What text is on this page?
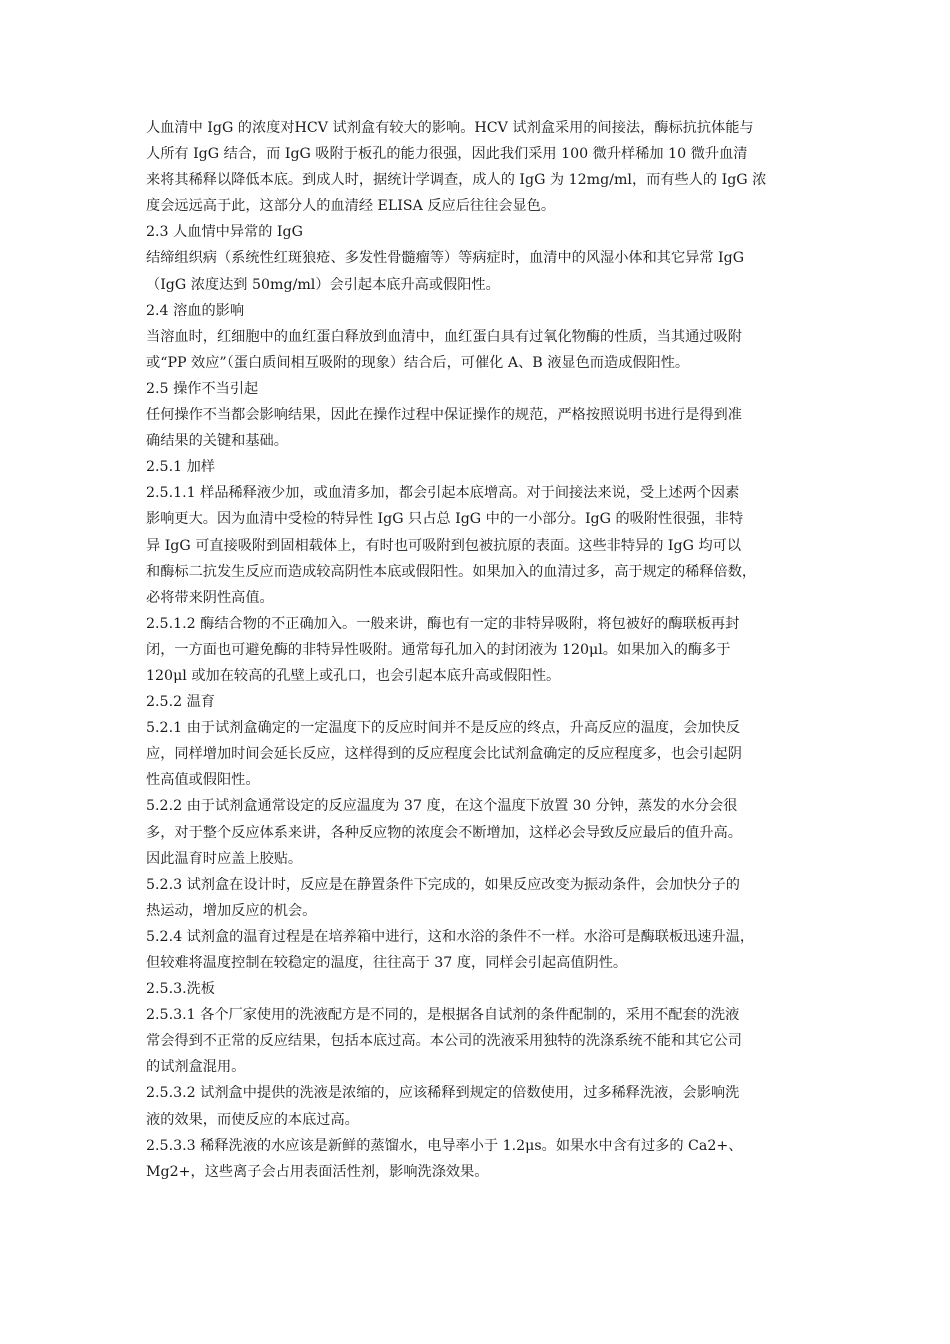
人血清中 IgG 的浓度对HCV 试剂盒有较大的影响。HCV 试剂盒采用的间接法，酶标抗抗体能与
人所有 IgG 结合，而 IgG 吸附于板孔的能力很强，因此我们采用 100 微升样稀加 10 微升血清
来将其稀释以降低本底。到成人时，据统计学调查，成人的 IgG 为 12mg/ml，而有些人的 IgG 浓
度会远远高于此，这部分人的血清经 ELISA 反应后往往会显色。
2.3 人血情中异常的 IgG
结缔组织病（系统性红斑狼疮、多发性骨髓瘤等）等病症时，血清中的风湿小体和其它异常 IgG
（IgG 浓度达到 50mg/ml）会引起本底升高或假阳性。
2.4 溶血的影响
当溶血时，红细胞中的血红蛋白释放到血清中，血红蛋白具有过氧化物酶的性质，当其通过吸附
或“PP 效应”（蛋白质间相互吸附的现象）结合后，可催化 A、B 液显色而造成假阳性。
2.5 操作不当引起
任何操作不当都会影响结果，因此在操作过程中保证操作的规范，严格按照说明书进行是得到准
确结果的关键和基础。
2.5.1 加样
2.5.1.1 样品稀释液少加，或血清多加，都会引起本底增高。对于间接法来说，受上述两个因素
影响更大。因为血清中受检的特异性 IgG 只占总 IgG 中的一小部分。IgG 的吸附性很强，非特
异 IgG 可直接吸附到固相载体上，有时也可吸附到包被抗原的表面。这些非特异的 IgG 均可以
和酶标二抗发生反应而造成较高阴性本底或假阳性。如果加入的血清过多，高于规定的稀释倍数，
必将带来阴性高值。
2.5.1.2 酶结合物的不正确加入。一般来讲，酶也有一定的非特异吸附，将包被好的酶联板再封
闭，一方面也可避免酶的非特异性吸附。通常每孔加入的封闭液为 120μl。如果加入的酶多于
120μl 或加在较高的孔壁上或孔口，也会引起本底升高或假阳性。
2.5.2 温育
5.2.1 由于试剂盒确定的一定温度下的反应时间并不是反应的终点，升高反应的温度，会加快反
应，同样增加时间会延长反应，这样得到的反应程度会比试剂盒确定的反应程度多，也会引起阴
性高值或假阳性。
5.2.2 由于试剂盒通常设定的反应温度为 37 度，在这个温度下放置 30 分钟，蒸发的水分会很
多，对于整个反应体系来讲，各种反应物的浓度会不断增加，这样必会导致反应最后的值升高。
因此温育时应盖上胶贴。
5.2.3 试剂盒在设计时，反应是在静置条件下完成的，如果反应改变为振动条件，会加快分子的
热运动，增加反应的机会。
5.2.4 试剂盒的温育过程是在培养箱中进行，这和水浴的条件不一样。水浴可是酶联板迅速升温，
但较难将温度控制在较稳定的温度，往往高于 37 度，同样会引起高值阴性。
2.5.3.洗板
2.5.3.1 各个厂家使用的洗液配方是不同的，是根据各自试剂的条件配制的，采用不配套的洗液
常会得到不正常的反应结果，包括本底过高。本公司的洗液采用独特的洗涤系统不能和其它公司
的试剂盒混用。
2.5.3.2 试剂盒中提供的洗液是浓缩的，应该稀释到规定的倍数使用，过多稀释洗液，会影响洗
液的效果，而使反应的本底过高。
2.5.3.3 稀释洗液的水应该是新鲜的蒸馏水，电导率小于 1.2μs。如果水中含有过多的 Ca2+、
Mg2+，这些离子会占用表面活性剂，影响洗涤效果。
